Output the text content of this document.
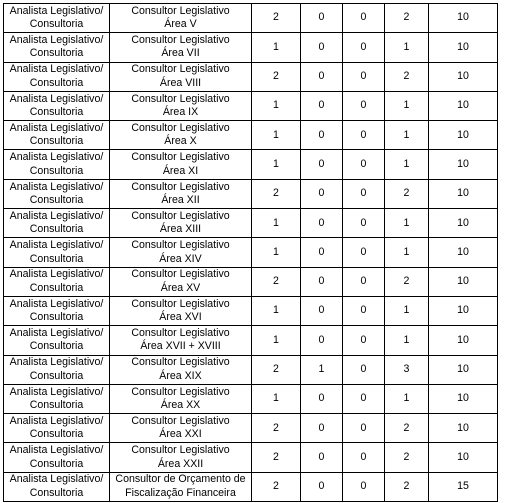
Analista Legislativo/
Consultoria	Consultor Legislativo
Área V	2	0	0	2	10

Analista Legislativo/
Consultoria	Consultor Legislativo
Área VII	1	0	0	1	10

Analista Legislativo/
Consultoria	Consultor Legislativo
Área VIII	2	0	0	2	10

Analista Legislativo/
Consultoria	Consultor Legislativo
Área IX	1	0	0	1	10

Analista Legislativo/
Consultoria	Consultor Legislativo
Área X	1	0	0	1	10

Analista Legislativo/
Consultoria	Consultor Legislativo
Área XI	1	0	0	1	10

Analista Legislativo/
Consultoria	Consultor Legislativo
Área XII	2	0	0	2	10

Analista Legislativo/
Consultoria	Consultor Legislativo
Área XIII	1	0	0	1	10

Analista Legislativo/
Consultoria	Consultor Legislativo
Área XIV	1	0	0	1	10

Analista Legislativo/
Consultoria	Consultor Legislativo
Área XV	2	0	0	2	10

Analista Legislativo/
Consultoria	Consultor Legislativo
Área XVI	1	0	0	1	10

Analista Legislativo/
Consultoria	Consultor Legislativo
Área XVII + XVIII	1	0	0	1	10

Analista Legislativo/
Consultoria	Consultor Legislativo
Área XIX	2	1	0	3	10

Analista Legislativo/
Consultoria	Consultor Legislativo
Área XX	1	0	0	1	10

Analista Legislativo/
Consultoria	Consultor Legislativo
Área XXI	2	0	0	2	10

Analista Legislativo/
Consultoria	Consultor Legislativo
Área XXII	2	0	0	2	10

Analista Legislativo/
Consultoria	Consultor de Orçamento de
Fiscalização Financeira	2	0	0	2	15
